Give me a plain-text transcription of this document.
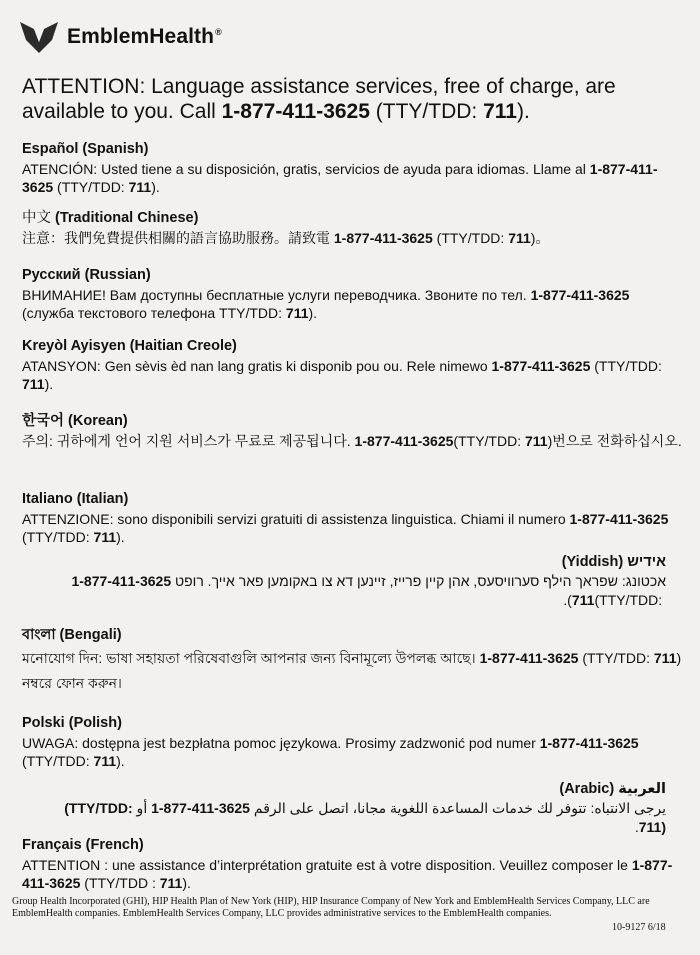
EmblemHealth®
ATTENTION: Language assistance services, free of charge, are available to you. Call 1-877-411-3625 (TTY/TDD: 711).
Español (Spanish)
ATENCIÓN: Usted tiene a su disposición, gratis, servicios de ayuda para idiomas. Llame al 1-877-411-3625 (TTY/TDD: 711).
中文 (Traditional Chinese)
注意：我們免費提供相關的語言協助服務。請致電 1-877-411-3625 (TTY/TDD: 711)。
Русский (Russian)
ВНИМАНИЕ! Вам доступны бесплатные услуги переводчика. Звоните по тел. 1-877-411-3625 (служба текстового телефона TTY/TDD: 711).
Kreyòl Ayisyen (Haitian Creole)
ATANSYON: Gen sèvis èd nan lang gratis ki disponib pou ou. Rele nimewo 1-877-411-3625 (TTY/TDD: 711).
한국어 (Korean)
주의: 귀하에게 언어 지원 서비스가 무료로 제공됩니다. 1-877-411-3625(TTY/TDD: 711)번으로 전화하십시오.
Italiano (Italian)
ATTENZIONE: sono disponibili servizi gratuiti di assistenza linguistica. Chiami il numero 1-877-411-3625 (TTY/TDD: 711).
אידיש (Yiddish)
אכטונג: שפראך הילף סערוויסעס, אהן קיין פרייז, זיינען דא צו באקומען פאר אייך. רופט 1-877-411-3625 (TTY/TDD: 711).
বাংলা (Bengali)
মনোযোগ দিন: ভাষা সহায়তা পরিষেবাগুলি আপনার জন্য বিনামূল্যে উপলব্ধ আছে। 1-877-411-3625 (TTY/TDD: 711) নম্বরে ফোন করুন।
Polski (Polish)
UWAGA: dostępna jest bezpłatna pomoc językowa. Prosimy zadzwonić pod numer 1-877-411-3625 (TTY/TDD: 711).
العربية (Arabic)
يرجى الانتباه: تتوفر لك خدمات المساعدة اللغوية مجانا، اتصل على الرقم 1-877-411-3625 أو (TTY/TDD: 711).
Français (French)
ATTENTION : une assistance d’interprétation gratuite est à votre disposition. Veuillez composer le 1-877-411-3625 (TTY/TDD : 711).
Group Health Incorporated (GHI), HIP Health Plan of New York (HIP), HIP Insurance Company of New York and EmblemHealth Services Company, LLC are EmblemHealth companies. EmblemHealth Services Company, LLC provides administrative services to the EmblemHealth companies.
10-9127 6/18
